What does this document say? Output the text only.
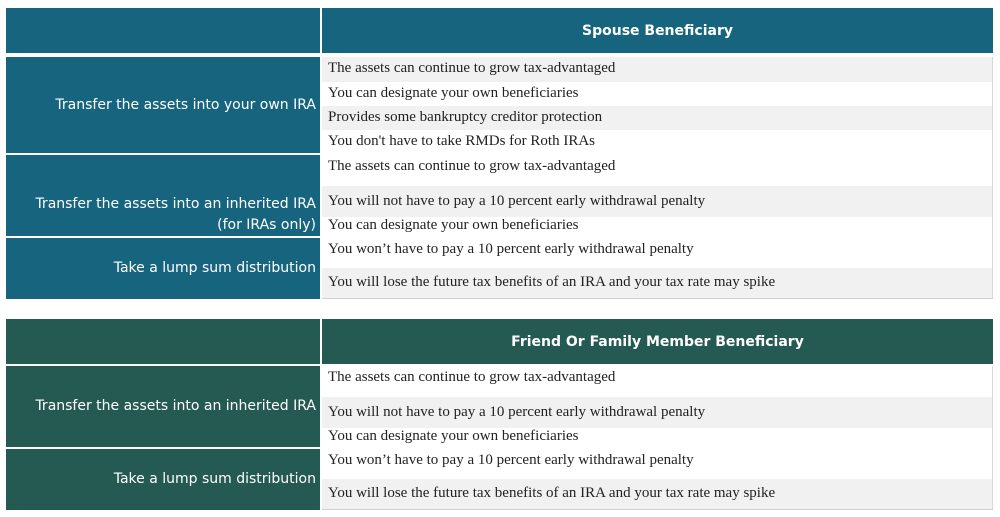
Spouse Beneficiary
Transfer the assets into your own IRA
The assets can continue to grow tax-advantaged
You can designate your own beneficiaries
Provides some bankruptcy creditor protection
You don't have to take RMDs for Roth IRAs
Transfer the assets into an inherited IRA
(for IRAs only)
The assets can continue to grow tax-advantaged
You will not have to pay a 10 percent early withdrawal penalty
You can designate your own beneficiaries
Take a lump sum distribution
You won’t have to pay a 10 percent early withdrawal penalty
You will lose the future tax benefits of an IRA and your tax rate may spike
Friend Or Family Member Beneficiary
Transfer the assets into an inherited IRA
The assets can continue to grow tax-advantaged
You will not have to pay a 10 percent early withdrawal penalty
You can designate your own beneficiaries
Take a lump sum distribution
You won’t have to pay a 10 percent early withdrawal penalty
You will lose the future tax benefits of an IRA and your tax rate may spike
